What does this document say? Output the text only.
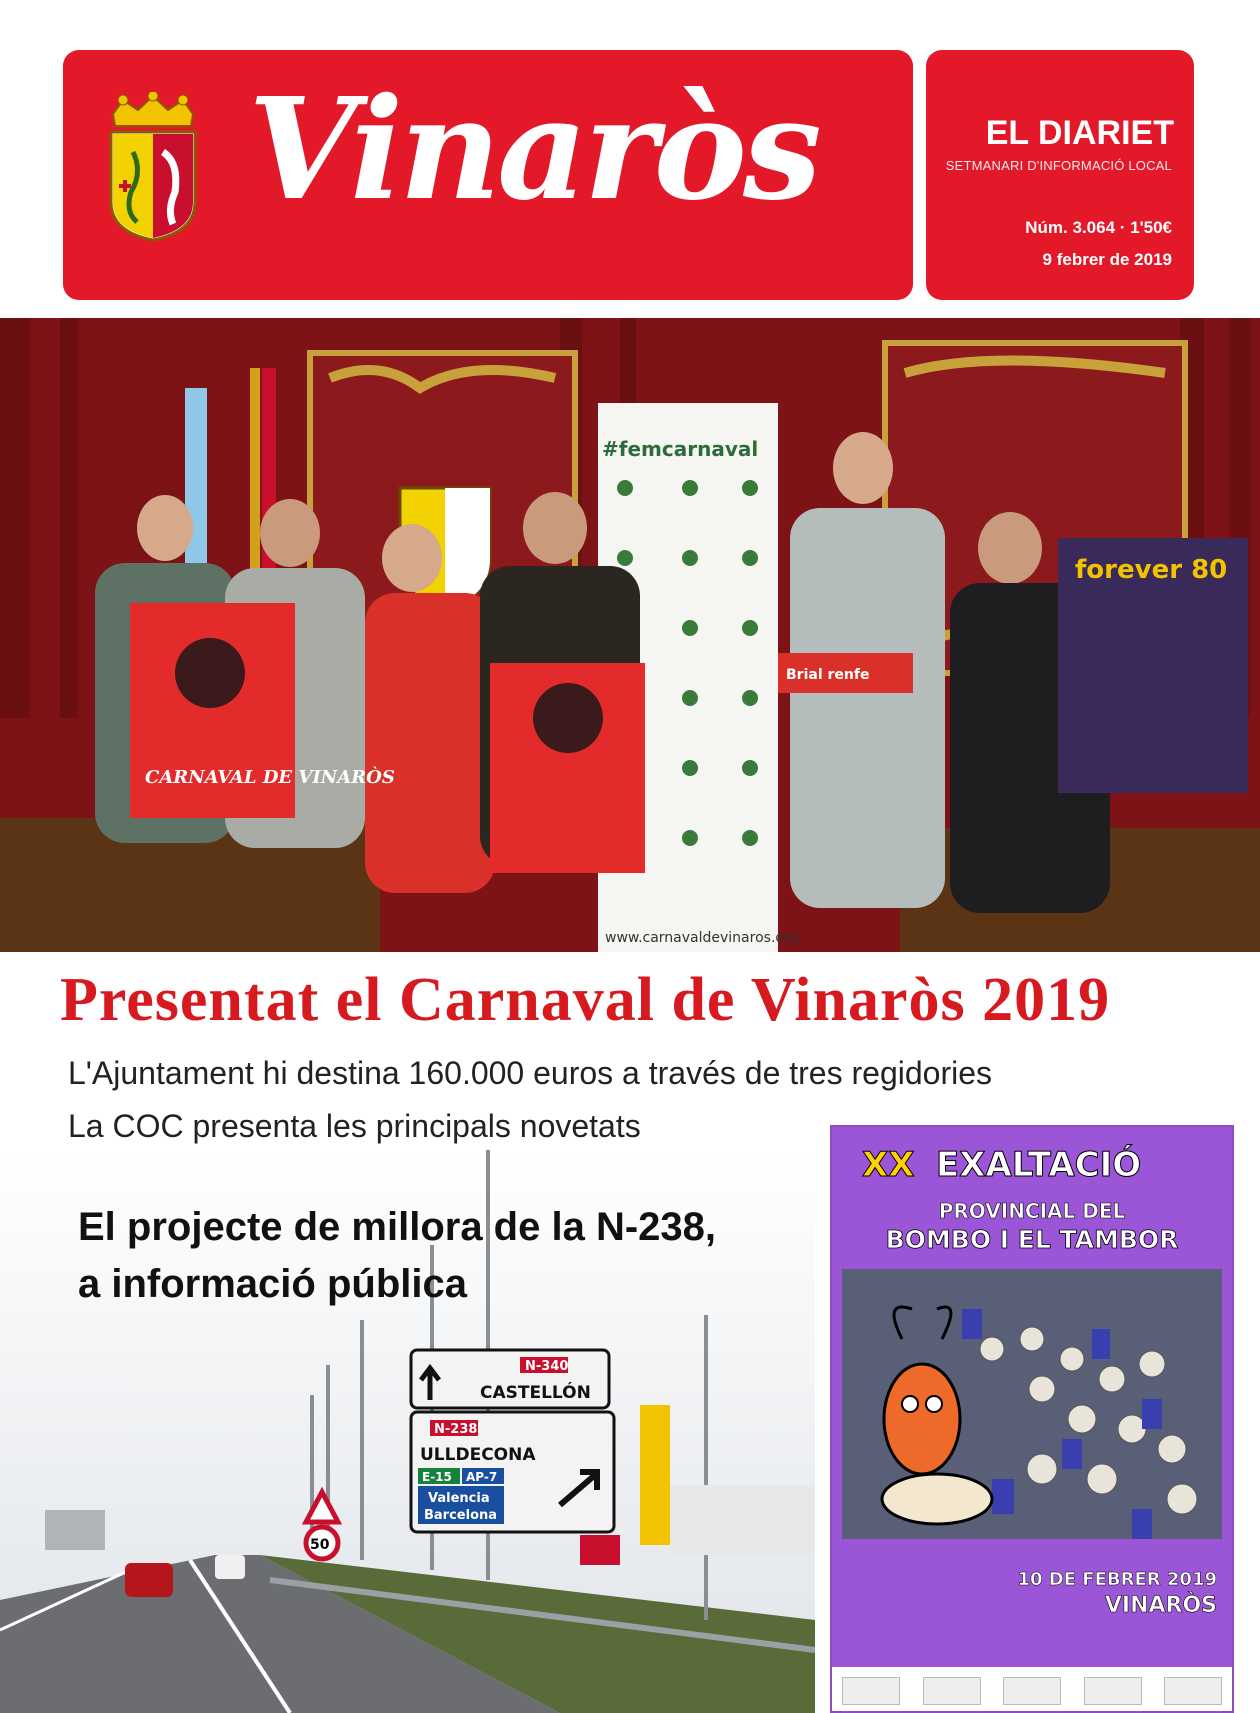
Vinaròs	EL DIARIET
SETMANARI D'INFORMACIÓ LOCAL
Núm. 3.064 · 1'50€
9 febrer de 2019
#femcarnaval
www.carnavaldevinaros.org
CARNAVAL DE VINARÒS
Brial renfe
forever 80
Presentat el Carnaval de Vinaròs 2019
L'Ajuntament hi destina 160.000 euros a través de tres regidories
La COC presenta les principals novetats
50
N-340
CASTELLÓN
N-238
ULLDECONA
E-15 AP-7
Valencia
Barcelona
El projecte de millora de la N-238,
a informació pública
XX EXALTACIÓ
PROVINCIAL DEL
BOMBO I EL TAMBOR
10 DE FEBRER 2019
VINARÒS
